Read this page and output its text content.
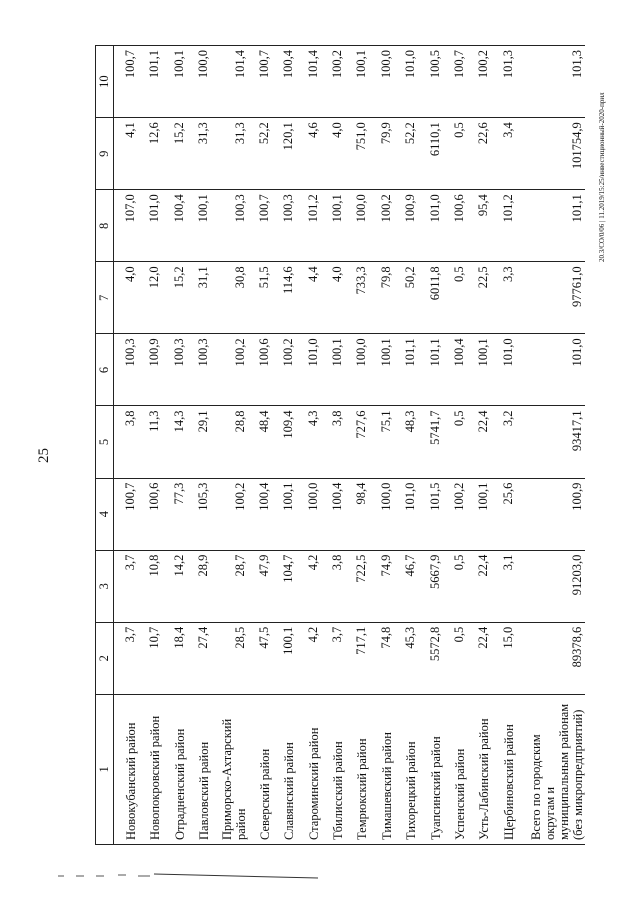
25
20.3/СО/0/06 | 11.2019/15:25/инвестиционный-2020-прил
1	2	3	4	5	6	7	8	9	10
Новокубанский район	3,7	3,7	100,7	3,8	100,3	4,0	107,0	4,1	100,7
Новопокровский район	10,7	10,8	100,6	11,3	100,9	12,0	101,0	12,6	101,1
Отрадненский район	18,4	14,2	77,3	14,3	100,3	15,2	100,4	15,2	100,1
Павловский район	27,4	28,9	105,3	29,1	100,3	31,1	100,1	31,3	100,0
Приморско-Ахтарский район	28,5	28,7	100,2	28,8	100,2	30,8	100,3	31,3	101,4
Северский район	47,5	47,9	100,4	48,4	100,6	51,5	100,7	52,2	100,7
Славянский район	100,1	104,7	100,1	109,4	100,2	114,6	100,3	120,1	100,4
Староминский район	4,2	4,2	100,0	4,3	101,0	4,4	101,2	4,6	101,4
Тбилисский район	3,7	3,8	100,4	3,8	100,1	4,0	100,1	4,0	100,2
Темрюкский район	717,1	722,5	98,4	727,6	100,0	733,3	100,0	751,0	100,1
Тимашевский район	74,8	74,9	100,0	75,1	100,1	79,8	100,2	79,9	100,0
Тихорецкий район	45,3	46,7	101,0	48,3	101,1	50,2	100,9	52,2	101,0
Туапсинский район	5572,8	5667,9	101,5	5741,7	101,1	6011,8	101,0	6110,1	100,5
Успенский район	0,5	0,5	100,2	0,5	100,4	0,5	100,6	0,5	100,7
Усть-Лабинский район	22,4	22,4	100,1	22,4	100,1	22,5	95,4	22,6	100,2
Щербиновский район	15,0	3,1	25,6	3,2	101,0	3,3	101,2	3,4	101,3
Всего по городским округам и муниципальным районам (без микропредприятий)	89378,6	91203,0	100,9	93417,1	101,0	97761,0	101,1	101754,9	101,3
